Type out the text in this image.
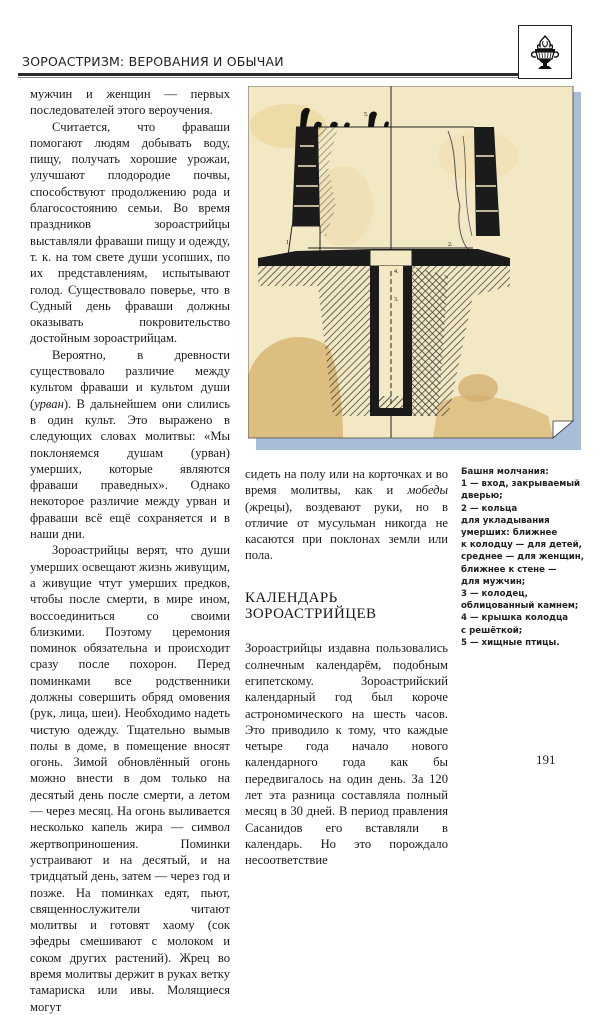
ЗОРОАСТРИЗМ: ВЕРОВАНИЯ И ОБЫЧАИ

мужчин и женщин — первых последователей этого вероучения.

Считается, что фраваши помогают людям добывать воду, пищу, получать хорошие урожаи, улучшают плодородие почвы, способствуют продолжению рода и благосостоянию семьи. Во время праздников зороастрийцы выставляли фраваши пищу и одежду, т. к. на том свете души усопших, по их представлениям, испытывают голод. Существовало поверье, что в Судный день фраваши должны оказывать покровительство достойным зороастрийцам.

Вероятно, в древности существовало различие между культом фраваши и культом души (урван). В дальнейшем они слились в один культ. Это выражено в следующих словах молитвы: «Мы поклоняемся душам (урван) умерших, которые являются фраваши праведных». Однако некоторое различие между урван и фраваши всё ещё сохраняется и в наши дни.

Зороастрийцы верят, что души умерших освещают жизнь живущим, а живущие чтут умерших предков, чтобы после смерти, в мире ином, воссоединиться со своими близкими. Поэтому церемония поминок обязательна и происходит сразу после похорон. Перед поминками все родственники должны совершить обряд омовения (рук, лица, шеи). Необходимо надеть чистую одежду. Тщательно вымыв полы в доме, в помещение вносят огонь. Зимой обновлённый огонь можно внести в дом только на десятый день после смерти, а летом — через месяц. На огонь выливается несколько капель жира — символ жертвоприношения. Поминки устраивают и на десятый, и на тридцатый день, затем — через год и позже. На поминках едят, пьют, священнослужители читают молитвы и готовят хаому (сок эфедры смешивают с молоком и соком других растений). Жрец во время молитвы держит в руках ветку тамариска или ивы. Молящиеся могут

1.	2.
3.
4.
5.

сидеть на полу или на корточках и во время молитвы, как и мобеды (жрецы), воздевают руки, но в отличие от мусульман никогда не касаются при поклонах земли или пола.

КАЛЕНДАРЬ ЗОРОАСТРИЙЦЕВ

Зороастрийцы издавна пользовались солнечным календарём, подобным египетскому. Зороастрийский календарный год был короче астрономического на шесть часов. Это приводило к тому, что каждые четыре года начало нового календарного года как бы передвигалось на один день. За 120 лет эта разница составляла полный месяц в 30 дней. В период правления Сасанидов его вставляли в календарь. Но это порождало несоответствие

Башня молчания:
1 — вход, закрываемый
дверью;
2 — кольца
для укладывания
умерших: ближнее
к колодцу — для детей,
среднее — для женщин,
ближнее к стене —
для мужчин;
3 — колодец,
облицованный камнем;
4 — крышка колодца
с решёткой;
5 — хищные птицы.
191
